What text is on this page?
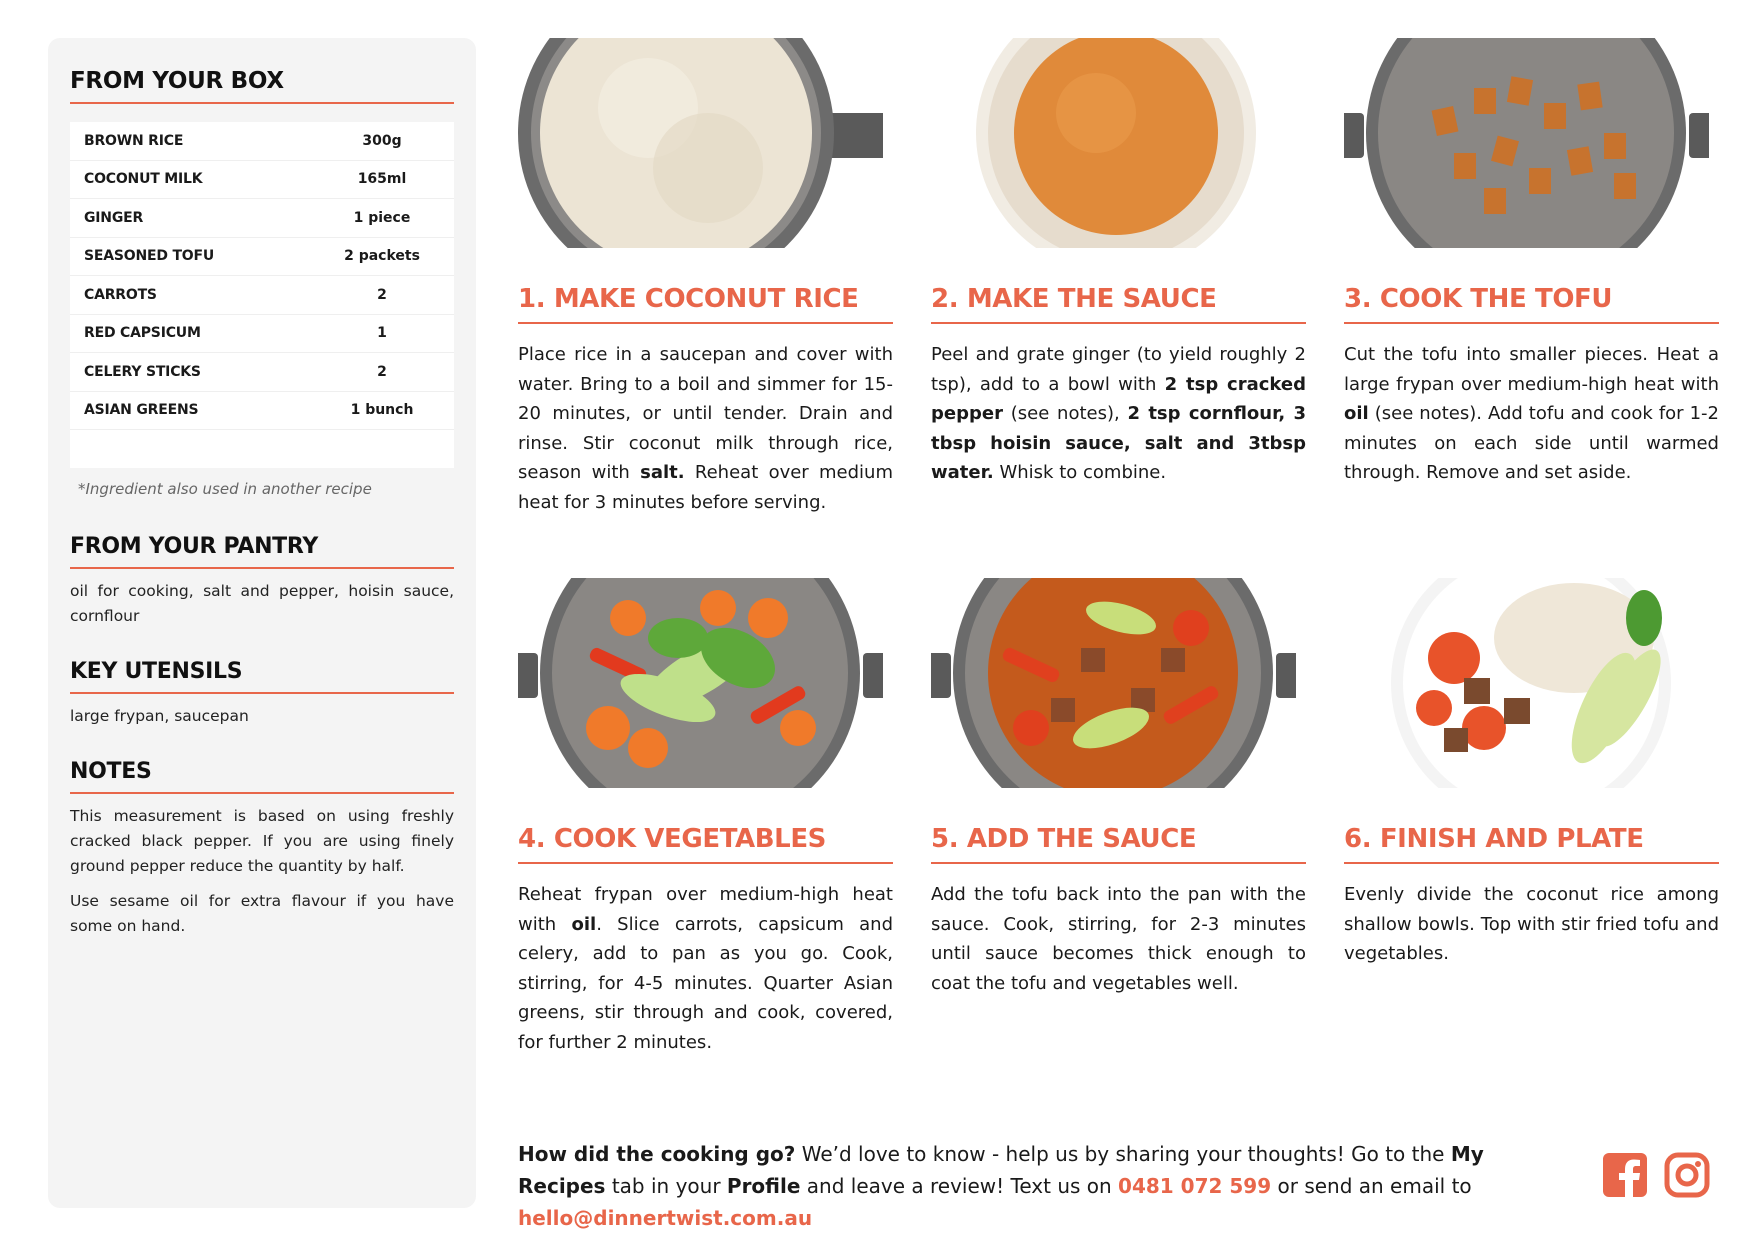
FROM YOUR BOX
BROWN RICE	300g
COCONUT MILK	165ml
GINGER	1 piece
SEASONED TOFU	2 packets
CARROTS	2
RED CAPSICUM	1
CELERY STICKS	2
ASIAN GREENS	1 bunch
*Ingredient also used in another recipe
FROM YOUR PANTRY
oil for cooking, salt and pepper, hoisin sauce, cornflour
KEY UTENSILS
large frypan, saucepan
NOTES

This measurement is based on using freshly cracked black pepper. If you are using finely ground pepper reduce the quantity by half.

Use sesame oil for extra flavour if you have some on hand.

1. MAKE COCONUT RICE
Place rice in a saucepan and cover with water. Bring to a boil and simmer for 15-20 minutes, or until tender. Drain and rinse. Stir coconut milk through rice, season with salt. Reheat over medium heat for 3 minutes before serving.
2. MAKE THE SAUCE
Peel and grate ginger (to yield roughly 2 tsp), add to a bowl with 2 tsp cracked pepper (see notes), 2 tsp cornflour, 3 tbsp hoisin sauce, salt and 3tbsp water. Whisk to combine.
3. COOK THE TOFU
Cut the tofu into smaller pieces. Heat a large frypan over medium-high heat with oil (see notes). Add tofu and cook for 1-2 minutes on each side until warmed through. Remove and set aside.
4. COOK VEGETABLES
Reheat frypan over medium-high heat with oil. Slice carrots, capsicum and celery, add to pan as you go. Cook, stirring, for 4-5 minutes. Quarter Asian greens, stir through and cook, covered, for further 2 minutes.
5. ADD THE SAUCE
Add the tofu back into the pan with the sauce. Cook, stirring, for 2-3 minutes until sauce becomes thick enough to coat the tofu and vegetables well.
6. FINISH AND PLATE
Evenly divide the coconut rice among shallow bowls. Top with stir fried tofu and vegetables.
How did the cooking go? We’d love to know - help us by sharing your thoughts! Go to the My Recipes tab in your Profile and leave a review! Text us on 0481 072 599 or send an email to hello@dinnertwist.com.au
